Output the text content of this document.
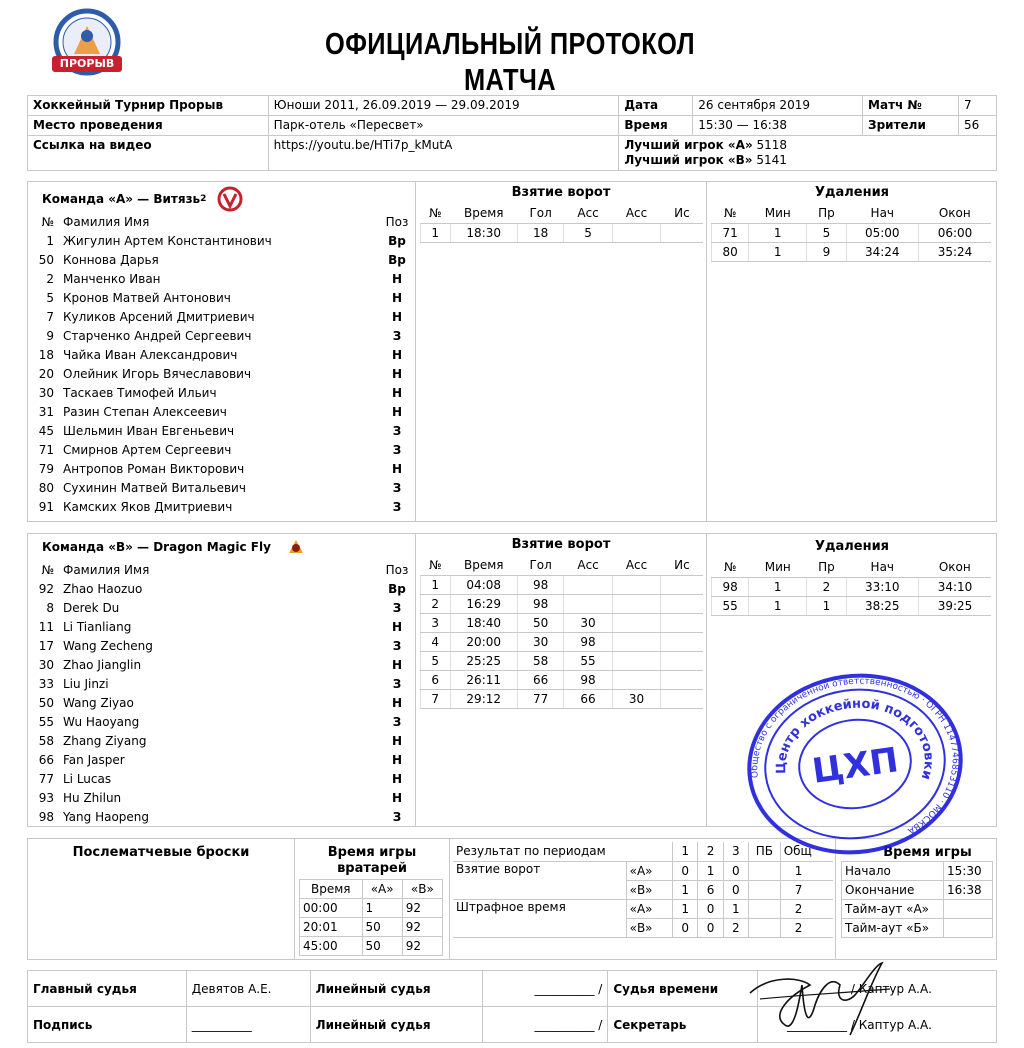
ПРОРЫВ
ОФИЦИАЛЬНЫЙ ПРОТОКОЛ МАТЧА
Хоккейный Турнир Прорыв	Юноши 2011, 26.09.2019 — 29.09.2019	Дата	26 сентября 2019	Матч №	7
Место проведения	Парк-отель «Пересвет»	Время	15:30 — 16:38	Зрители	56
Ссылка на видео	https://youtu.be/HTi7p_kMutA	Лучший игрок «А» 5118
Лучший игрок «В» 5141			
Команда «А» — Витязь 2
№	Фамилия Имя	Поз
1	Жигулин Артем Константинович	Вр
50	Коннова Дарья	Вр
2	Манченко Иван	Н
5	Кронов Матвей Антонович	Н
7	Куликов Арсений Дмитриевич	Н
9	Старченко Андрей Сергеевич	З
18	Чайка Иван Александрович	Н
20	Олейник Игорь Вячеславович	Н
30	Таскаев Тимофей Ильич	Н
31	Разин Степан Алексеевич	Н
45	Шельмин Иван Евгеньевич	З
71	Смирнов Артем Сергеевич	З
79	Антропов Роман Викторович	Н
80	Сухинин Матвей Витальевич	З
91	Камских Яков Дмитриевич	З
Взятие ворот
№	Время	Гол	Асс	Асс	Ис
1	18:30	18	5		
Удаления
№	Мин	Пр	Нач	Окон
71	1	5	05:00	06:00
80	1	9	34:24	35:24
Команда «В» — Dragon Magic Fly
№	Фамилия Имя	Поз
92	Zhao Haozuo	Вр
8	Derek Du	З
11	Li Tianliang	Н
17	Wang Zecheng	З
30	Zhao Jianglin	Н
33	Liu Jinzi	З
50	Wang Ziyao	Н
55	Wu Haoyang	З
58	Zhang Ziyang	Н
66	Fan Jasper	Н
77	Li Lucas	Н
93	Hu Zhilun	Н
98	Yang Haopeng	З
Взятие ворот
№	Время	Гол	Асс	Асс	Ис
1	04:08	98			
2	16:29	98			
3	18:40	50	30		
4	20:00	30	98		
5	25:25	58	55		
6	26:11	66	98		
7	29:12	77	66	30	
Удаления
№	Мин	Пр	Нач	Окон
98	1	2	33:10	34:10
55	1	1	38:25	39:25
Послематчевые броски	Время игры вратарей
Время	«А»	«В»
00:00	1	92
20:01	50	92
45:00	50	92
Результат по периодам		1	2	3	ПБ	Общ
Взятие ворот	«А»	0	1	0		1
	«В»	1	6	0		7
Штрафное время	«А»	1	0	1		2
	«В»	0	0	2		2
Время игры
Начало	15:30
Окончание	16:38
Тайм-аут «А»	
Тайм-аут «Б»	
Главный судья	Девятов А.Е.	Линейный судья	__________ /	Судья времени	/ Каптур А.А.
Подпись	__________	Линейный судья	__________ /	Секретарь	__________ / Каптур А.А.
Общество с ограниченной ответственностью · ОГРН 1147746853110 · МОСКВА
Центр хоккейной подготовки
ЦХП
